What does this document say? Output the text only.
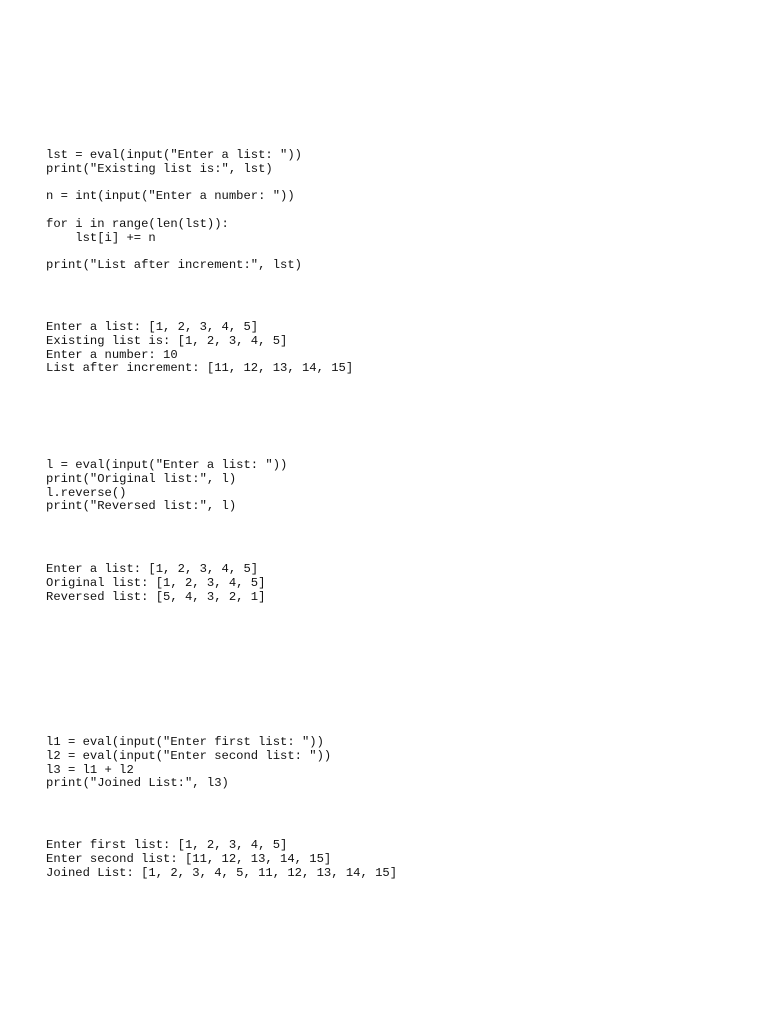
lst = eval(input("Enter a list: "))
print("Existing list is:", lst)
n = int(input("Enter a number: "))
for i in range(len(lst)):
lst[i] += n
print("List after increment:", lst)
Enter a list: [1, 2, 3, 4, 5]
Existing list is: [1, 2, 3, 4, 5]
Enter a number: 10
List after increment: [11, 12, 13, 14, 15]
l = eval(input("Enter a list: "))
print("Original list:", l)
l.reverse()
print("Reversed list:", l)
Enter a list: [1, 2, 3, 4, 5]
Original list: [1, 2, 3, 4, 5]
Reversed list: [5, 4, 3, 2, 1]
l1 = eval(input("Enter first list: "))
l2 = eval(input("Enter second list: "))
l3 = l1 + l2
print("Joined List:", l3)
Enter first list: [1, 2, 3, 4, 5]
Enter second list: [11, 12, 13, 14, 15]
Joined List: [1, 2, 3, 4, 5, 11, 12, 13, 14, 15]
